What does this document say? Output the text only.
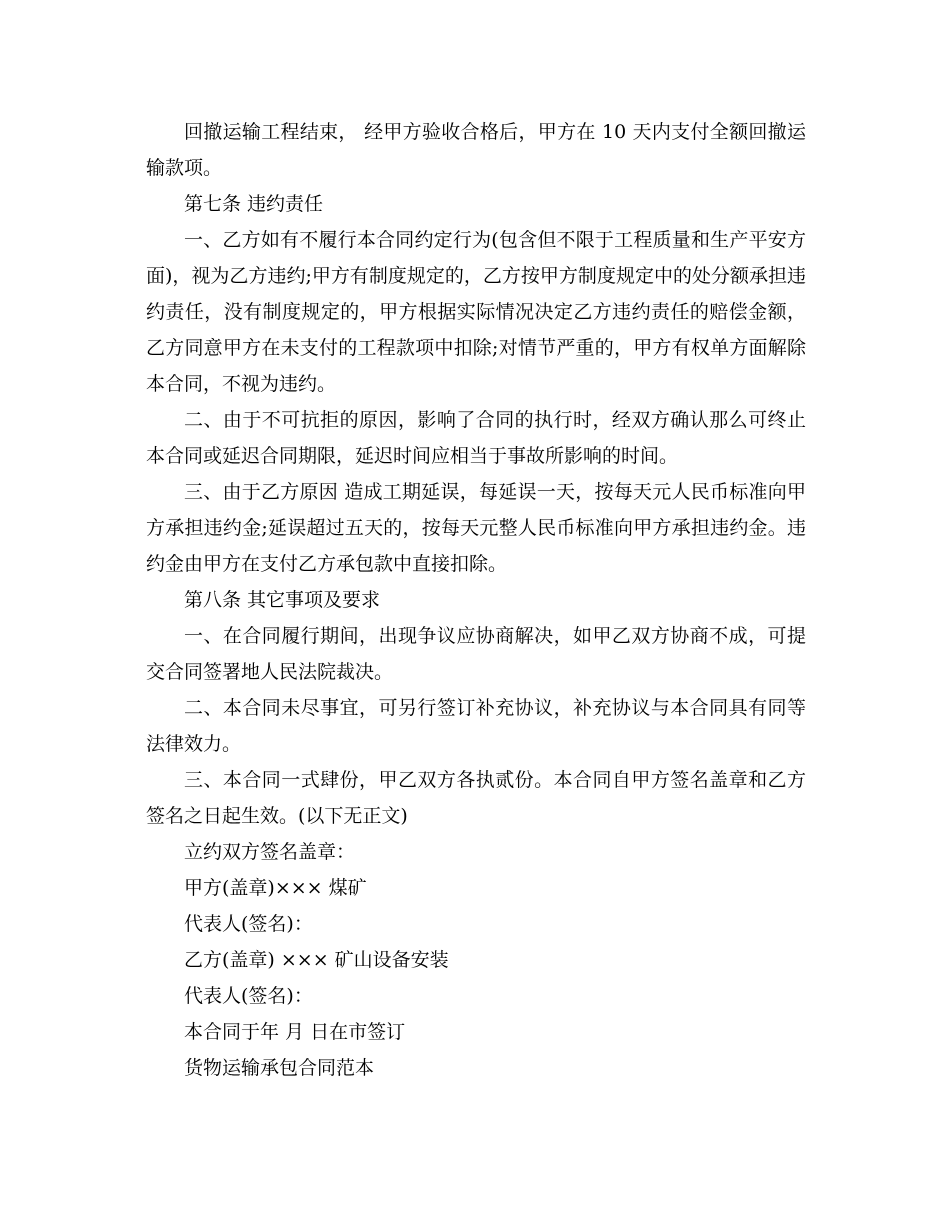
回撤运输工程结束， 经甲方验收合格后，甲方在 10 天内支付全额回撤运输款项。

第七条 违约责任

一、乙方如有不履行本合同约定行为(包含但不限于工程质量和生产平安方面)，视为乙方违约;甲方有制度规定的，乙方按甲方制度规定中的处分额承担违约责任，没有制度规定的，甲方根据实际情况决定乙方违约责任的赔偿金额， 乙方同意甲方在未支付的工程款项中扣除;对情节严重的，甲方有权单方面解除本合同，不视为违约。

二、由于不可抗拒的原因，影响了合同的执行时，经双方确认那么可终止本合同或延迟合同期限，延迟时间应相当于事故所影响的时间。

三、由于乙方原因 造成工期延误，每延误一天，按每天元人民币标准向甲方承担违约金;延误超过五天的，按每天元整人民币标准向甲方承担违约金。违约金由甲方在支付乙方承包款中直接扣除。

第八条 其它事项及要求

一、在合同履行期间，出现争议应协商解决，如甲乙双方协商不成，可提交合同签署地人民法院裁决。

二、本合同未尽事宜，可另行签订补充协议，补充协议与本合同具有同等法律效力。

三、本合同一式肆份，甲乙双方各执贰份。本合同自甲方签名盖章和乙方签名之日起生效。(以下无正文)

立约双方签名盖章：

甲方(盖章)××× 煤矿

代表人(签名)：

乙方(盖章) ××× 矿山设备安装

代表人(签名)：

本合同于年 月 日在市签订

货物运输承包合同范本
